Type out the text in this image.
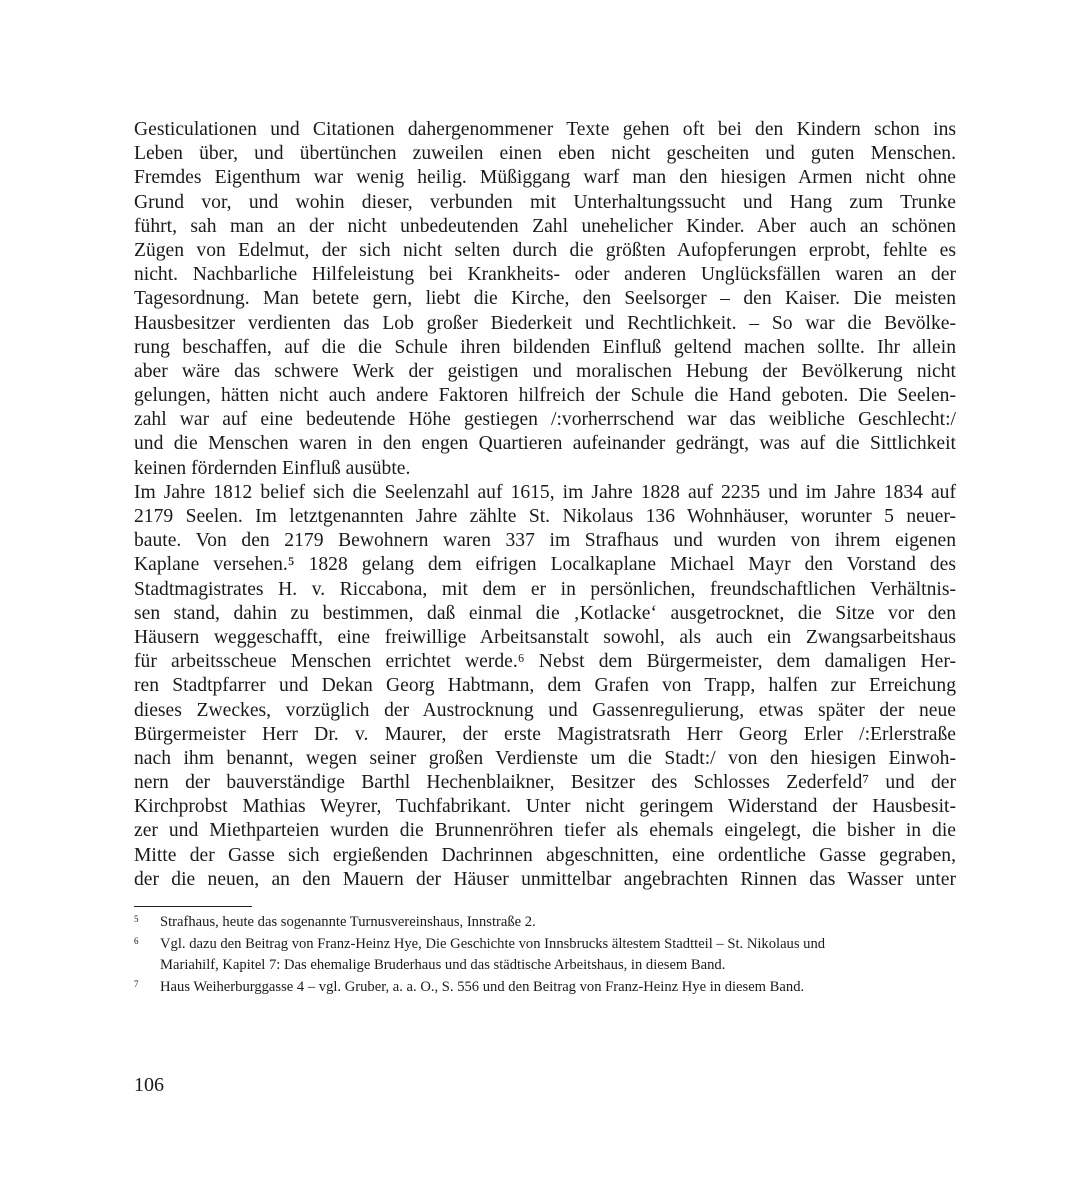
Gesticulationen und Citationen dahergenommener Texte gehen oft bei den Kindern schon ins
Leben über, und übertünchen zuweilen einen eben nicht gescheiten und guten Menschen.
Fremdes Eigenthum war wenig heilig. Müßiggang warf man den hiesigen Armen nicht ohne
Grund vor, und wohin dieser, verbunden mit Unterhaltungssucht und Hang zum Trunke
führt, sah man an der nicht unbedeutenden Zahl unehelicher Kinder. Aber auch an schönen
Zügen von Edelmut, der sich nicht selten durch die größten Aufopferungen erprobt, fehlte es
nicht. Nachbarliche Hilfeleistung bei Krankheits- oder anderen Unglücksfällen waren an der
Tagesordnung. Man betete gern, liebt die Kirche, den Seelsorger – den Kaiser. Die meisten
Hausbesitzer verdienten das Lob großer Biederkeit und Rechtlichkeit. – So war die Bevölke-
rung beschaffen, auf die die Schule ihren bildenden Einfluß geltend machen sollte. Ihr allein
aber wäre das schwere Werk der geistigen und moralischen Hebung der Bevölkerung nicht
gelungen, hätten nicht auch andere Faktoren hilfreich der Schule die Hand geboten. Die Seelen-
zahl war auf eine bedeutende Höhe gestiegen /:vorherrschend war das weibliche Geschlecht:/
und die Menschen waren in den engen Quartieren aufeinander gedrängt, was auf die Sittlichkeit
keinen fördernden Einfluß ausübte.
Im Jahre 1812 belief sich die Seelenzahl auf 1615, im Jahre 1828 auf 2235 und im Jahre 1834 auf
2179 Seelen. Im letztgenannten Jahre zählte St. Nikolaus 136 Wohnhäuser, worunter 5 neuer-
baute. Von den 2179 Bewohnern waren 337 im Strafhaus und wurden von ihrem eigenen
Kaplane versehen.⁵ 1828 gelang dem eifrigen Localkaplane Michael Mayr den Vorstand des
Stadtmagistrates H. v. Riccabona, mit dem er in persönlichen, freundschaftlichen Verhältnis-
sen stand, dahin zu bestimmen, daß einmal die ‚Kotlacke‘ ausgetrocknet, die Sitze vor den
Häusern weggeschafft, eine freiwillige Arbeitsanstalt sowohl, als auch ein Zwangsarbeitshaus
für arbeitsscheue Menschen errichtet werde.⁶ Nebst dem Bürgermeister, dem damaligen Her-
ren Stadtpfarrer und Dekan Georg Habtmann, dem Grafen von Trapp, halfen zur Erreichung
dieses Zweckes, vorzüglich der Austrocknung und Gassenregulierung, etwas später der neue
Bürgermeister Herr Dr. v. Maurer, der erste Magistratsrath Herr Georg Erler /:Erlerstraße
nach ihm benannt, wegen seiner großen Verdienste um die Stadt:/ von den hiesigen Einwoh-
nern der bauverständige Barthl Hechenblaikner, Besitzer des Schlosses Zederfeld⁷ und der
Kirchprobst Mathias Weyrer, Tuchfabrikant. Unter nicht geringem Widerstand der Hausbesit-
zer und Miethparteien wurden die Brunnenröhren tiefer als ehemals eingelegt, die bisher in die
Mitte der Gasse sich ergießenden Dachrinnen abgeschnitten, eine ordentliche Gasse gegraben,
der die neuen, an den Mauern der Häuser unmittelbar angebrachten Rinnen das Wasser unter
5 Strafhaus, heute das sogenannte Turnusvereinshaus, Innstraße 2.
6 Vgl. dazu den Beitrag von Franz-Heinz Hye, Die Geschichte von Innsbrucks ältestem Stadtteil – St. Nikolaus und
Mariahilf, Kapitel 7: Das ehemalige Bruderhaus und das städtische Arbeitshaus, in diesem Band.
7 Haus Weiherburggasse 4 – vgl. Gruber, a. a. O., S. 556 und den Beitrag von Franz-Heinz Hye in diesem Band.
106
